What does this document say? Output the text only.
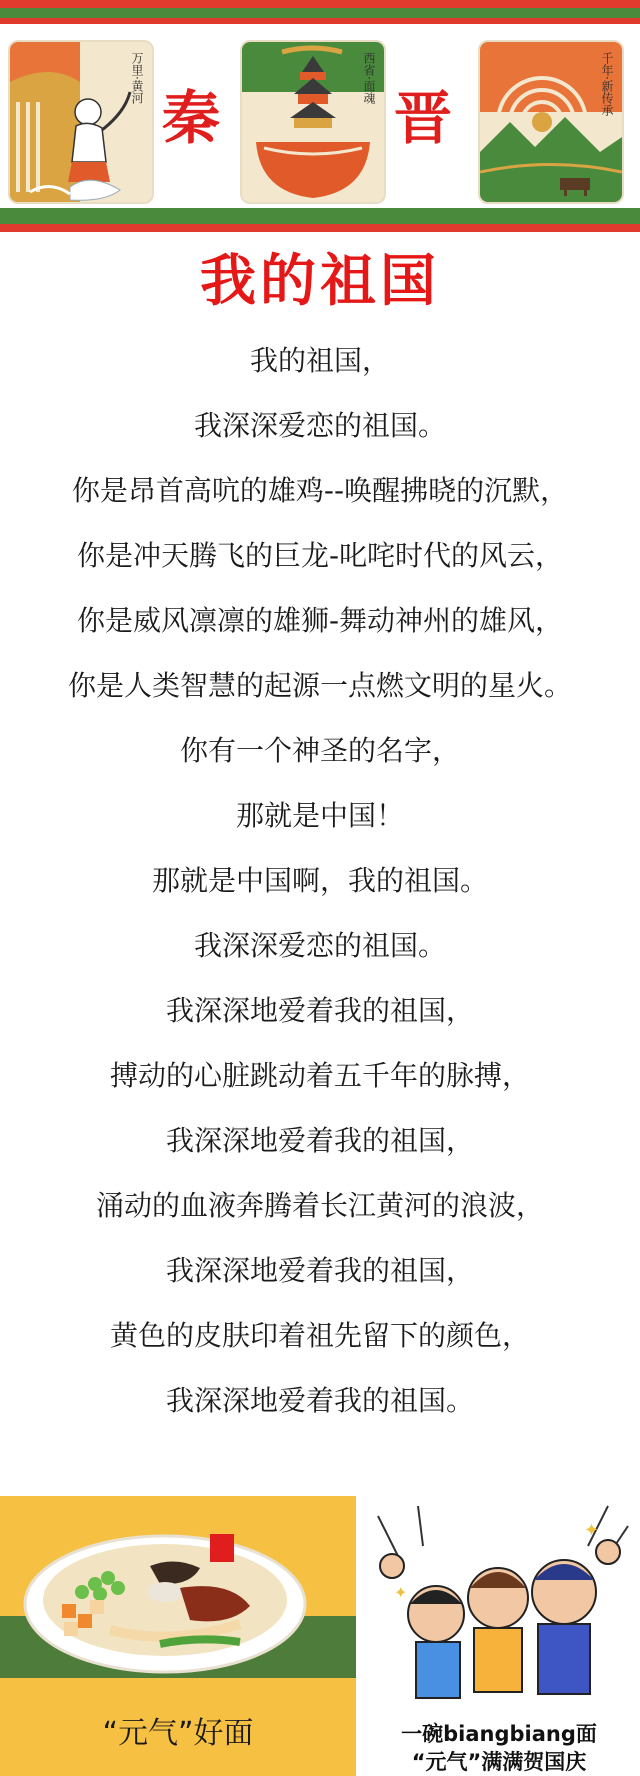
万里·黄河
秦
西省·面魂
晋
千年·新传承
我的祖国
我的祖国，
我深深爱恋的祖国。
你是昂首高吭的雄鸡--唤醒拂晓的沉默，
你是冲天腾飞的巨龙-叱咤时代的风云，
你是威风凛凛的雄狮-舞动神州的雄风，
你是人类智慧的起源一点燃文明的星火。
你有一个神圣的名字，
那就是中国！
那就是中国啊，我的祖国。
我深深爱恋的祖国。
我深深地爱着我的祖国，
搏动的心脏跳动着五千年的脉搏，
我深深地爱着我的祖国，
涌动的血液奔腾着长江黄河的浪波，
我深深地爱着我的祖国，
黄色的皮肤印着祖先留下的颜色，
我深深地爱着我的祖国。
“元气”好面
✦
✦
一碗biangbiang面
“元气”满满贺国庆
